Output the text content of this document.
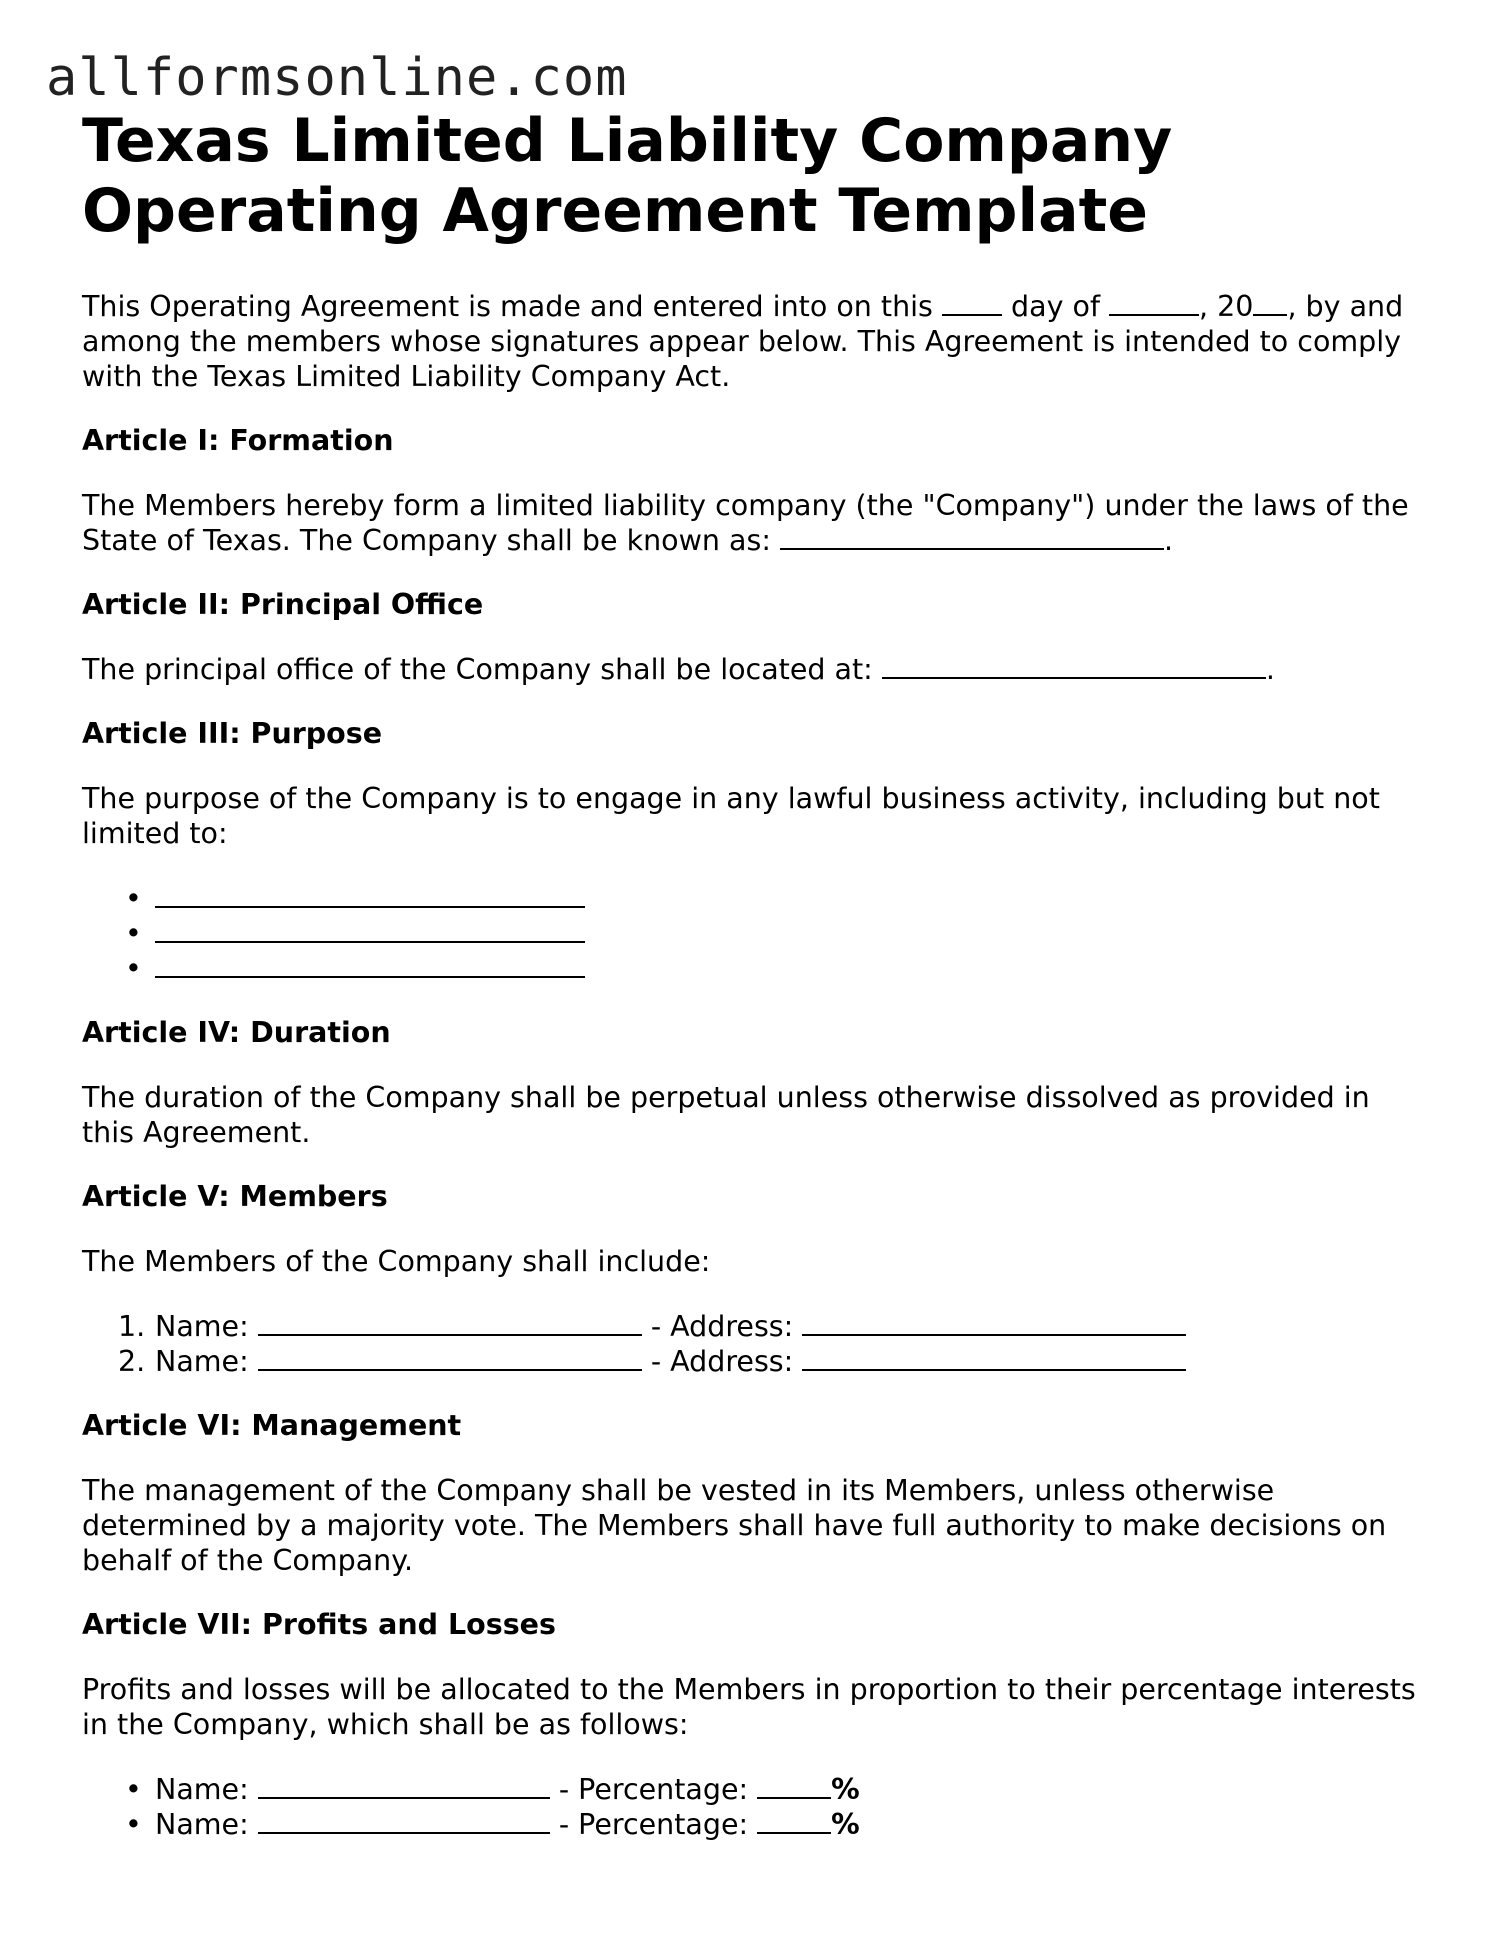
allformsonline.com
Texas Limited Liability Company Operating Agreement Template

This Operating Agreement is made and entered into on this	day of	, 20 , by and among the members whose signatures appear below. This Agreement is intended to comply with the Texas Limited Liability Company Act.

Article I: Formation

The Members hereby form a limited liability company (the "Company") under the laws of the State of Texas. The Company shall be known as:	.

Article II: Principal Office

The principal office of the Company shall be located at:	.

Article III: Purpose

The purpose of the Company is to engage in any lawful business activity, including but not limited to:

•
•
•
Article IV: Duration

The duration of the Company shall be perpetual unless otherwise dissolved as provided in this Agreement.

Article V: Members

The Members of the Company shall include:

1. Name:	- Address:
2. Name:	- Address:
Article VI: Management

The management of the Company shall be vested in its Members, unless otherwise determined by a majority vote. The Members shall have full authority to make decisions on behalf of the Company.

Article VII: Profits and Losses

Profits and losses will be allocated to the Members in proportion to their percentage interests in the Company, which shall be as follows:

• Name:	- Percentage:	%
• Name:	- Percentage:	%
